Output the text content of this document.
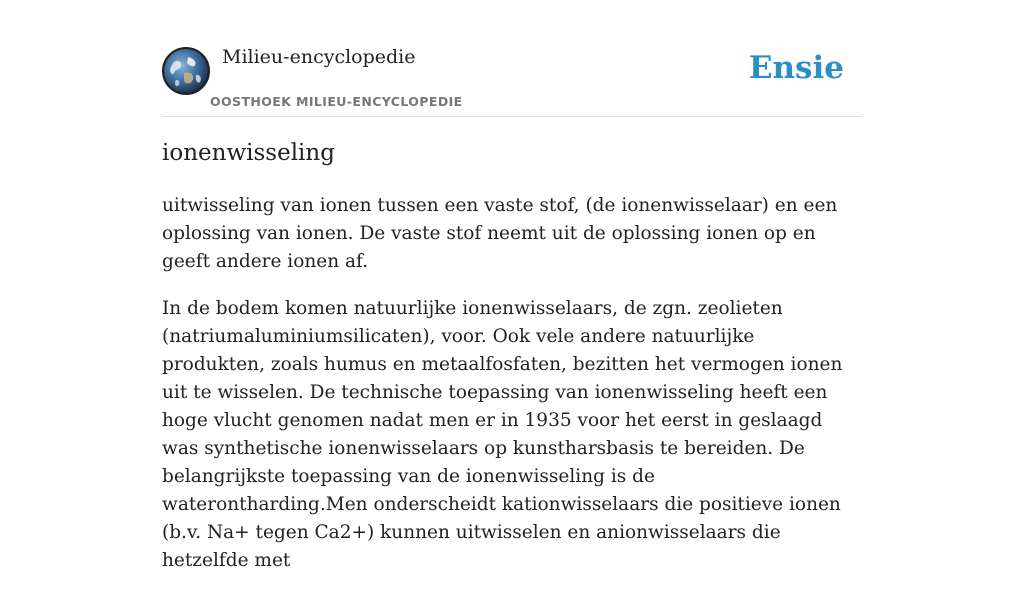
Milieu-encyclopedie
OOSTHOEK MILIEU-ENCYCLOPEDIE
Ensie
ionenwisseling

uitwisseling van ionen tussen een vaste stof, (de ionenwisselaar) en een oplossing van ionen. De vaste stof neemt uit de oplossing ionen op en geeft andere ionen af.

In de bodem komen natuurlijke ionenwisselaars, de zgn. zeolieten (natriumaluminiumsilicaten), voor. Ook vele andere natuurlijke produkten, zoals humus en metaalfosfaten, bezitten het vermogen ionen uit te wisselen. De technische toepassing van ionenwisseling heeft een hoge vlucht genomen nadat men er in 1935 voor het eerst in geslaagd was synthetische ionenwisselaars op kunstharsbasis te bereiden. De belangrijkste toepassing van de ionenwisseling is de waterontharding.Men onderscheidt kationwisselaars die positieve ionen (b.v. Na+ tegen Ca2+) kunnen uitwisselen en anionwisselaars die hetzelfde met
